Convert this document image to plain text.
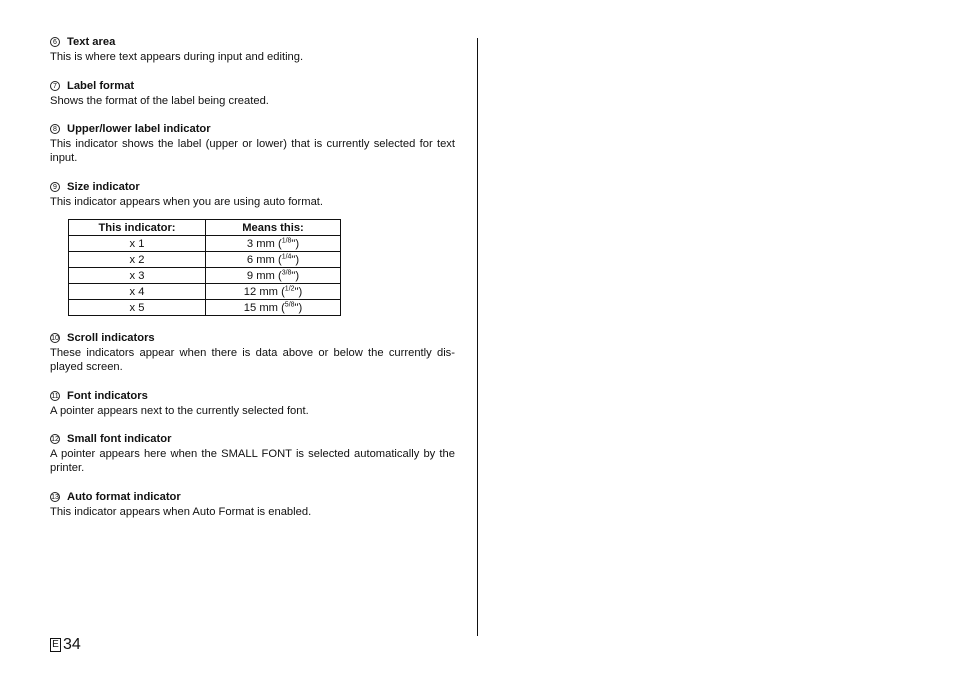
6 Text area
This is where text appears during input and editing.
7 Label format
Shows the format of the label being created.
8 Upper/lower label indicator
This indicator shows the label (upper or lower) that is currently selected for text input.
9 Size indicator
This indicator appears when you are using auto format.
10 Scroll indicators
These indicators appear when there is data above or below the currently dis-played screen.
11 Font indicators
A pointer appears next to the currently selected font.
12 Small font indicator
A pointer appears here when the SMALL FONT is selected automatically by the printer.
13 Auto format indicator
This indicator appears when Auto Format is enabled.
This indicator:	Means this:
x 1	3 mm ($^{1/8}$")
x 2	6 mm ($^{1/4}$")
x 3	9 mm ($^{3/8}$")
x 4	12 mm ($^{1/2}$")
x 5	15 mm ($^{5/8}$")
E 34
